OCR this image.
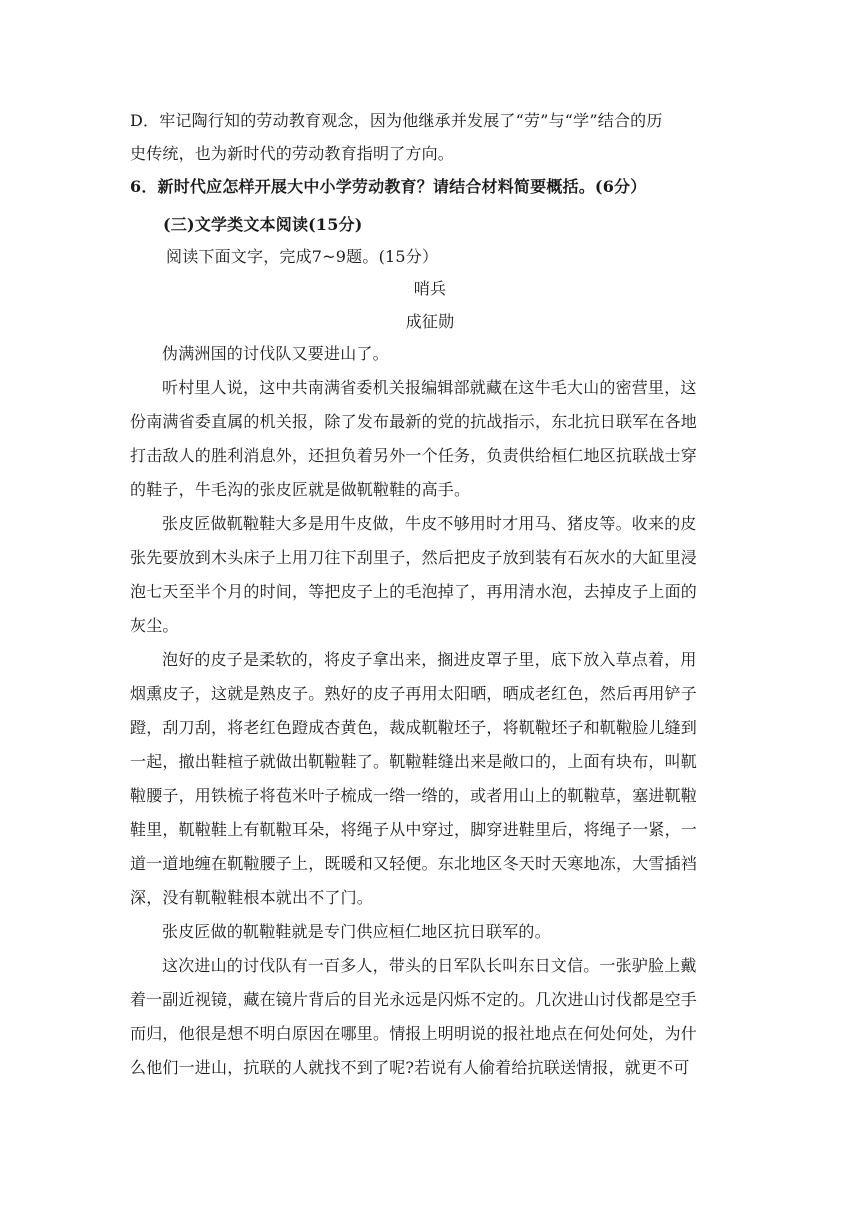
D．牢记陶行知的劳动教育观念，因为他继承并发展了“劳”与“学”结合的历

史传统，也为新时代的劳动教育指明了方向。

6．新时代应怎样开展大中小学劳动教育？请结合材料简要概括。(6分）

(三)文学类文本阅读(15分)

阅读下面文字，完成7~9题。(15分）

哨兵

成征勋

伪满洲国的讨伐队又要进山了。

听村里人说，这中共南满省委机关报编辑部就藏在这牛毛大山的密营里，这

份南满省委直属的机关报，除了发布最新的党的抗战指示，东北抗日联军在各地

打击敌人的胜利消息外，还担负着另外一个任务，负责供给桓仁地区抗联战士穿

的鞋子，牛毛沟的张皮匠就是做靰鞡鞋的高手。

张皮匠做靰鞡鞋大多是用牛皮做，牛皮不够用时才用马、猪皮等。收来的皮

张先要放到木头床子上用刀往下刮里子，然后把皮子放到装有石灰水的大缸里浸

泡七天至半个月的时间，等把皮子上的毛泡掉了，再用清水泡，去掉皮子上面的

灰尘。

泡好的皮子是柔软的，将皮子拿出来，搁进皮罩子里，底下放入草点着，用

烟熏皮子，这就是熟皮子。熟好的皮子再用太阳晒，晒成老红色，然后再用铲子

蹬，刮刀刮，将老红色蹬成杏黄色，裁成靰鞡坯子，将靰鞡坯子和靰鞡脸儿缝到

一起，撤出鞋楦子就做出靰鞡鞋了。靰鞡鞋缝出来是敞口的，上面有块布，叫靰

鞡腰子，用铁梳子将苞米叶子梳成一绺一绺的，或者用山上的靰鞡草，塞进靰鞡

鞋里，靰鞡鞋上有靰鞡耳朵，将绳子从中穿过，脚穿进鞋里后，将绳子一紧，一

道一道地缠在靰鞡腰子上，既暖和又轻便。东北地区冬天时天寒地冻，大雪插裆

深，没有靰鞡鞋根本就出不了门。

张皮匠做的靰鞡鞋就是专门供应桓仁地区抗日联军的。

这次进山的讨伐队有一百多人，带头的日军队长叫东日文信。一张驴脸上戴

着一副近视镜，藏在镜片背后的目光永远是闪烁不定的。几次进山讨伐都是空手

而归，他很是想不明白原因在哪里。情报上明明说的报社地点在何处何处，为什

么他们一进山，抗联的人就找不到了呢?若说有人偷着给抗联送情报，就更不可
